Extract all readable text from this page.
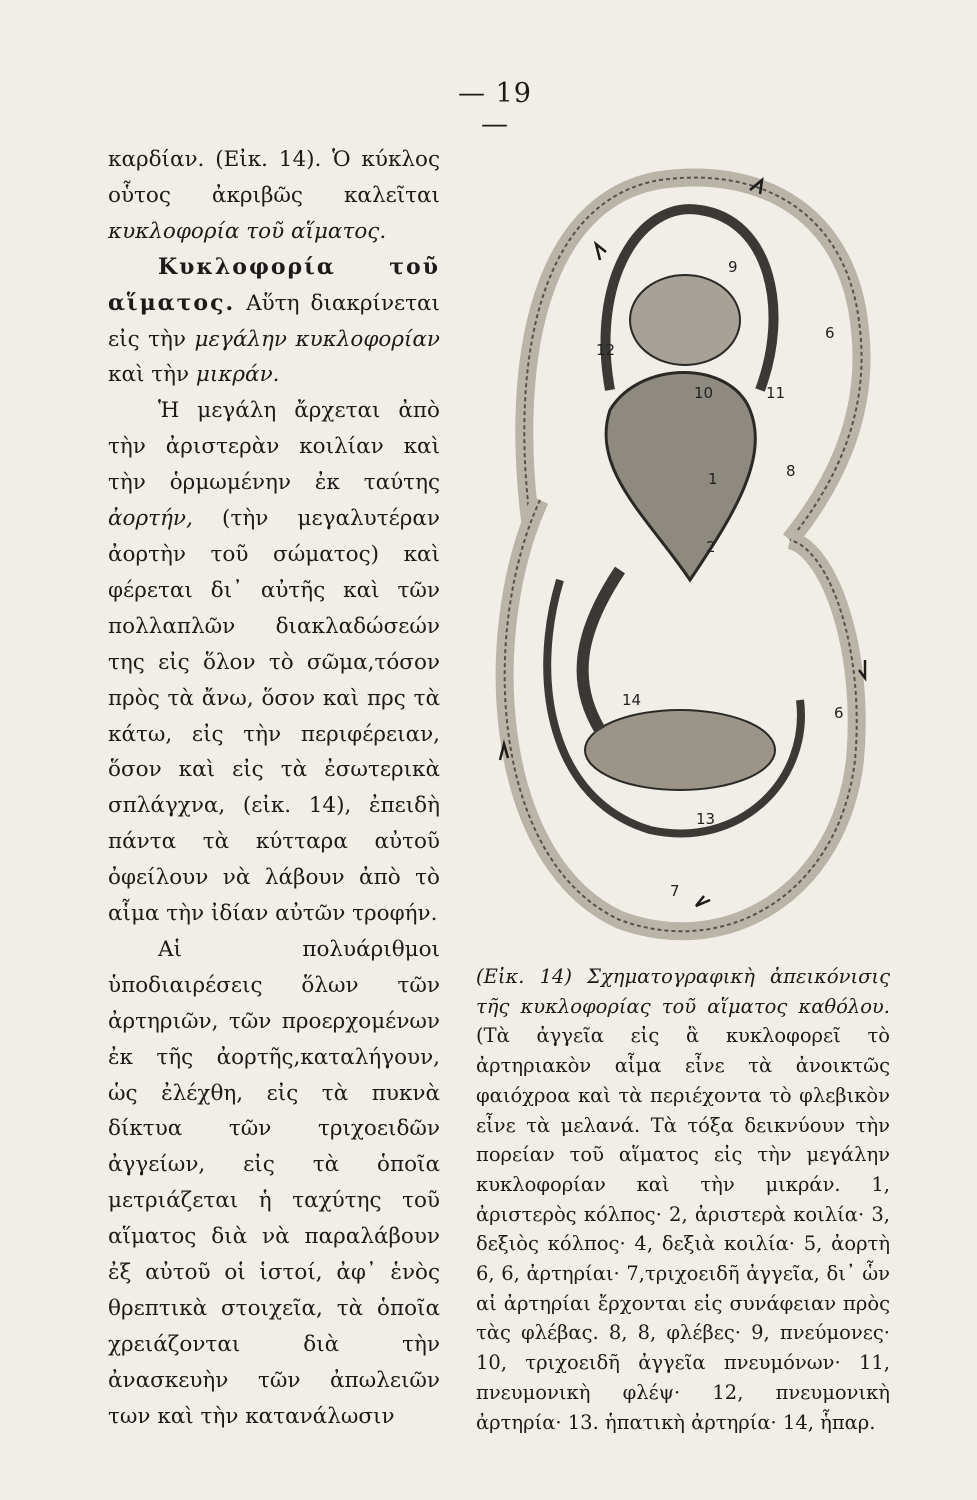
— 19 —

καρδίαν. (Εἰκ. 14). Ὁ κύκλος οὗτος ἀκριβῶς καλεῖται κυκλοφορία τοῦ αἵματος.

Κυκλοφορία τοῦ αἵματος. Αὕτη διακρίνεται εἰς τὴν μεγάλην κυκλοφορίαν καὶ τὴν μικράν.

Ἡ μεγάλη ἄρχεται ἀπὸ τὴν ἀριστερὰν κοιλίαν καὶ τὴν ὁρμωμένην ἐκ ταύτης ἀορτήν, (τὴν μεγαλυτέραν ἀορτὴν τοῦ σώματος) καὶ φέρεται δι᾽ αὐτῆς καὶ τῶν πολλαπλῶν διακλαδώσεών της εἰς ὅλον τὸ σῶμα,τόσον πρὸς τὰ ἄνω, ὅσον καὶ πρς τὰ κάτω, εἰς τὴν περιφέρειαν, ὅσον καὶ εἰς τὰ ἐσωτερικὰ σπλάγχνα, (εἰκ. 14), ἐπειδὴ πάντα τὰ κύτταρα αὐτοῦ ὀφείλουν νὰ λάβουν ἀπὸ τὸ αἷμα τὴν ἰδίαν αὐτῶν τροφήν.

Αἱ πολυάριθμοι ὑποδιαιρέσεις ὅλων τῶν ἀρτηριῶν, τῶν προερχομένων ἐκ τῆς ἀορτῆς,καταλήγουν, ὡς ἐλέχθη, εἰς τὰ πυκνὰ δίκτυα τῶν τριχοειδῶν ἀγγείων, εἰς τὰ ὁποῖα μετριάζεται ἡ ταχύτης τοῦ αἵματος διὰ νὰ παραλάβουν ἐξ αὐτοῦ οἱ ἱστοί, ἀφ᾽ ἑνὸς θρεπτικὰ στοιχεῖα, τὰ ὁποῖα χρειάζονται διὰ τὴν ἀνασκευὴν τῶν ἀπωλειῶν των καὶ τὴν κατανάλωσιν

9
12
10	11
6
8
1
2
14
6
13
7
(Εἰκ. 14) Σχηματογραφικὴ ἀπεικόνισις τῆς κυκλοφορίας τοῦ αἵματος καθόλου. (Τὰ ἀγγεῖα εἰς ἃ κυκλοφορεῖ τὸ ἀρτηριακὸν αἷμα εἶνε τὰ ἀνοικτῶς φαιόχροα καὶ τὰ περιέχοντα τὸ φλεβικὸν εἶνε τὰ μελανά. Τὰ τόξα δεικνύουν τὴν πορείαν τοῦ αἵματος εἰς τὴν μεγάλην κυκλοφορίαν καὶ τὴν μικράν. 1, ἀριστερὸς κόλπος· 2, ἀριστερὰ κοιλία· 3, δεξιὸς κόλπος· 4, δεξιὰ κοιλία· 5, ἀορτὴ 6, 6, ἀρτηρίαι· 7,τριχοειδῆ ἀγγεῖα, δι᾽ ὧν αἱ ἀρτηρίαι ἔρχονται εἰς συνάφειαν πρὸς τὰς φλέβας. 8, 8, φλέβες· 9, πνεύμονες· 10, τριχοειδῆ ἀγγεῖα πνευμόνων· 11, πνευμονικὴ φλέψ· 12, πνευμονικὴ ἀρτηρία· 13. ἡπατικὴ ἀρτηρία· 14, ἧπαρ.
